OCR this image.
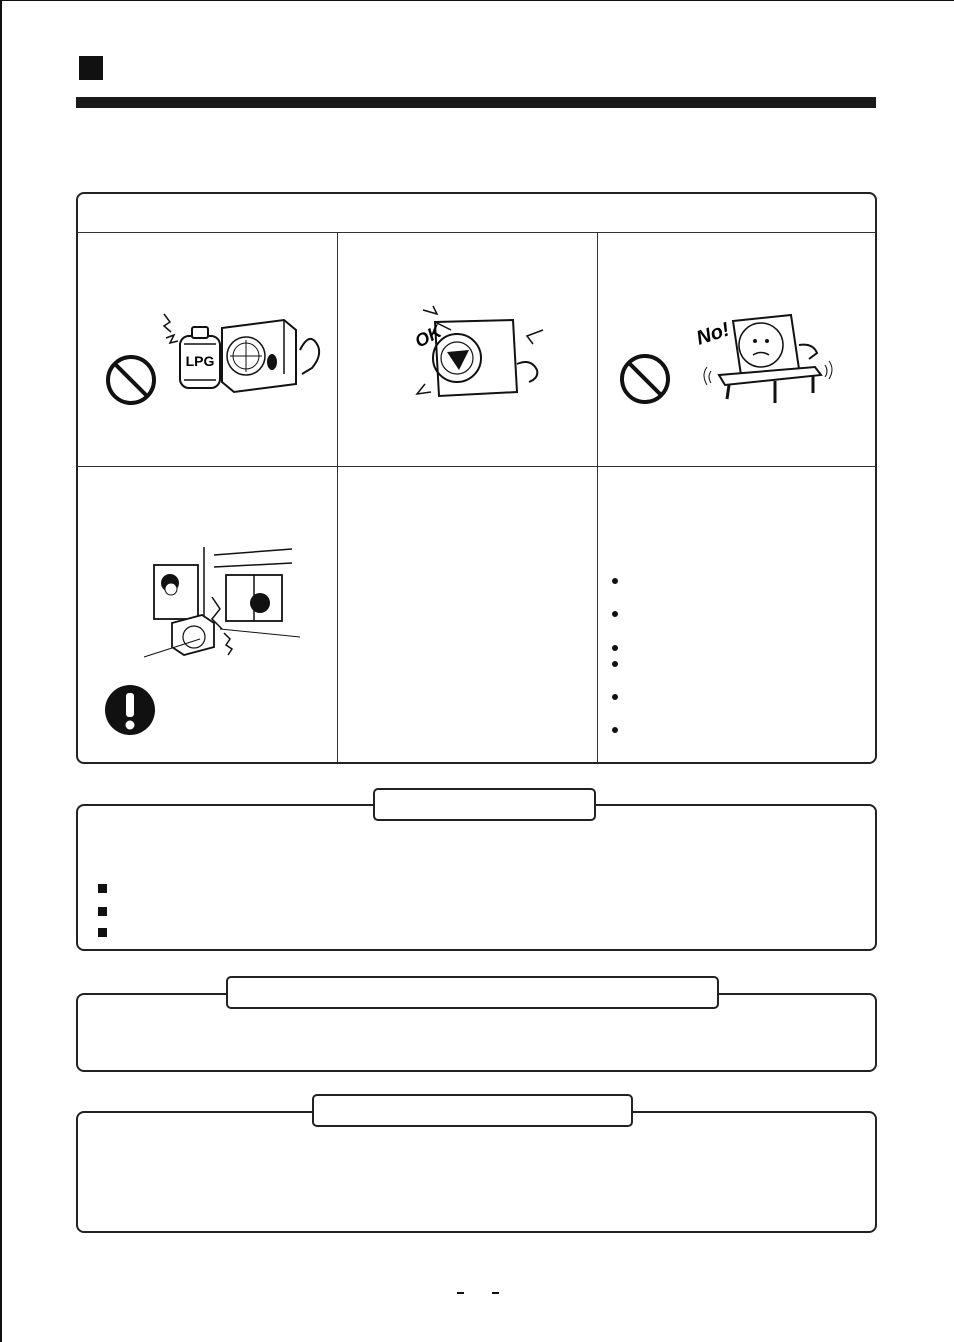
LPG
OK	No!
